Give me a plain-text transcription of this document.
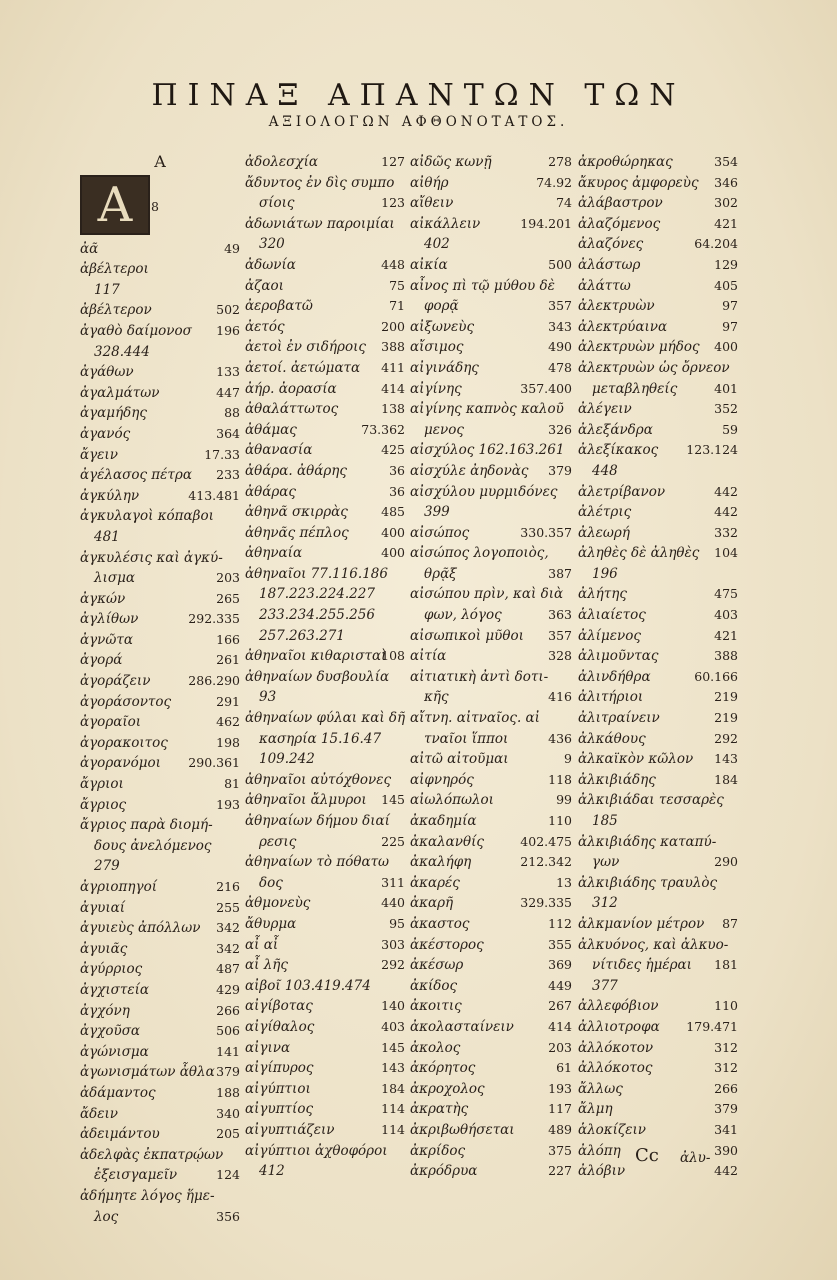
ΠΙΝΑΞ ΑΠΑΝΤΩΝ ΤΩΝ
ΑΞΙΟΛΟΓΩΝ ΑΦΘΟΝΟΤΑΤΟΣ.
Α
A	8
ἀᾶ	49
ἀβέλτεροι
117
ἀβέλτερον	502
ἀγαθὸ δαίμονοσ 196
328.444
ἀγάθων	133
ἀγαλμάτων	447
ἀγαμήδης	88
ἀγανός	364
ἄγειν	17.33
ἀγέλασος πέτρα 233
ἀγκύλην	413.481
ἀγκυλαγοὶ κόπαβοι
481
ἀγκυλέσις καὶ ἀγκύ-
λισμα	203
ἀγκών	265
ἀγλίθων	292.335
ἀγνῶτα	166
ἀγορά	261
ἀγοράζειν	286.290
ἀγοράσοντος	291
ἀγοραῖοι	462
ἀγορακοιτος	198
ἀγορανόμοι 290.361
ἄγριοι	81
ἄγριος	193
ἄγριος παρὰ διομή-
δους ἀνελόμενος
279
ἀγριοπηγοί	216
ἀγυιαί	255
ἀγυιεὺς ἀπόλλων 342
ἀγυιᾶς	342
ἀγύρριος	487
ἀγχιστεία	429
ἀγχόνη	266
ἀγχοῦσα	506
ἀγώνισμα	141
ἀγωνισμάτων ἆθλα 379
ἀδάμαντος	188
ἄδειν	340
ἀδειμάντου	205
ἀδελφὰς ἐκπατρῴων
ἐξεισγαμεῖν	124
ἀδήμητε λόγος ἥμε-
λος	356
ἀδολεσχία	127
ἄδυντος ἐν δὶς συμπο
σίοις	123
ἀδωνιάτων παροιμίαι
320
ἀδωνία	448
ἀζαοι	75
ἀεροβατῶ	71
ἀετός	200
ἀετοὶ ἐν σιδήροις 388
ἀετοί. ἀετώματα 411
ἀήρ. ἀορασία	414
ἀθαλάττωτος	138
ἀθάμας	73.362
ἀθανασία	425
ἀθάρα. ἀθάρης	36
ἀθάρας	36
ἀθηνᾶ σκιρρὰς	485
ἀθηνᾶς πέπλος	400
ἀθηναία	400
ἀθηναῖοι 77.116.186
187.223.224.227
233.234.255.256
257.263.271
ἀθηναῖοι κιθαρισταὶ
108
ἀθηναίων δυσβουλία
93
ἀθηναίων φύλαι καὶ δῆ
κασηρία 15.16.47
109.242
ἀθηναῖοι αὐτόχθονες
ἀθηναῖοι ἄλμυροι 145
ἀθηναίων δήμου διαί
ρεσις	225
ἀθηναίων τὸ πόθατω
δος	311
ἀθμονεὺς	440
ἄθυρμα	95
αἶ αἶ	303
αἶ λῆς	292
αἰβοῖ 103.419.474
αἰγίβοτας	140
αἰγίθαλος	403
αἰγινα	145
αἰγίπυρος	143
αἰγύπτιοι	184
αἰγυπτίος	114
αἰγυπτιάζειν	114
αἰγύπτιοι ἀχθοφόροι
412
αἰδῶς κωνῇ	278
αἰθήρ	74.92
αἴθειν	74
αἰκάλλειν	194.201
402
αἰκία	500
αἶνος πὶ τῷ μύθου δὲ
φορᾷ	357
αἰξωνεὺς	343
αἴσιμος	490
αἰγινάδης	478
αἰγίνης	357.400
αἰγίνης καπνὸς καλοῦ
μενος	326
αἰσχύλος 162.163.261
αἰσχύλε ἀηδονὰς 379
αἰσχύλου μυρμιδόνες
399
αἰσώπος	330.357
αἰσώπος λογοποιὸς,
θρᾷξ	387
αἰσώπου πρὶν, καὶ διὰ
φων, λόγος	363
αἰσωπικοὶ μῦθοι 357
αἰτία	328
αἰτιατικὴ ἀντὶ δοτι-
κῆς	416
αἴτνη. αἰτναῖος. αἰ
τναῖοι ἵπποι	436
αἰτῶ αἰτοῦμαι	9
αἰφνηρός	118
αἰωλόπωλοι	99
ἀκαδημία	110
ἀκαλανθίς	402.475
ἀκαλήφη	212.342
ἀκαρές	13
ἀκαρῆ	329.335
ἀκαστος	112
ἀκέστορος	355
ἀκέσωρ	369
ἀκίδος	449
ἀκοιτις	267
ἀκολασταίνειν	414
ἀκολος	203
ἀκόρητος	61
ἀκροχολος	193
ἀκρατὴς	117
ἀκριβωθήσεται	489
ἀκρίδος	375
ἀκρόδρυα	227
ἀκροθώρηκας	354
ἄκυρος ἀμφορεὺς 346
ἀλάβαστρον	302
ἀλαζόμενος	421
ἀλαζόνες	64.204
ἀλάστωρ	129
ἀλάττω	405
ἀλεκτρυὼν	97
ἀλεκτρύαινα	97
ἀλεκτρυὼν μήδος 400
ἀλεκτρυὼν ὡς ὄρνεον
μεταβληθείς	401
ἀλέγειν	352
ἀλεξάνδρα	59
ἀλεξίκακος 123.124
448
ἀλετρίβανον	442
ἀλέτρις	442
ἀλεωρή	332
ἀληθὲς δὲ ἀληθὲς 104
196
ἀλήτης	475
ἁλιαίετος	403
ἀλίμενος	421
ἀλιμοῦντας	388
ἀλινδήθρα	60.166
ἀλιτήριοι	219
ἀλιτραίνειν	219
ἀλκάθους	292
ἀλκαϊκὸν κῶλον 143
ἀλκιβιάδης	184
ἀλκιβιάδαι τεσσαρὲς
185
ἀλκιβιάδης καταπύ-
γων	290
ἀλκιβιάδης τραυλὸς
312
ἀλκμανίον μέτρον 87
ἀλκυόνος, καὶ ἀλκυο-
νίτιδες ἡμέραι 181
377
ἀλλεφόβιον	110
ἀλλιοτροφα 179.471
ἀλλόκοτον	312
ἀλλόκοτος	312
ἄλλως	266
ἄλμη	379
ἁλοκίζειν	341
ἀλόπη	390
ἀλόβιν	442
Cc ἀλυ-
